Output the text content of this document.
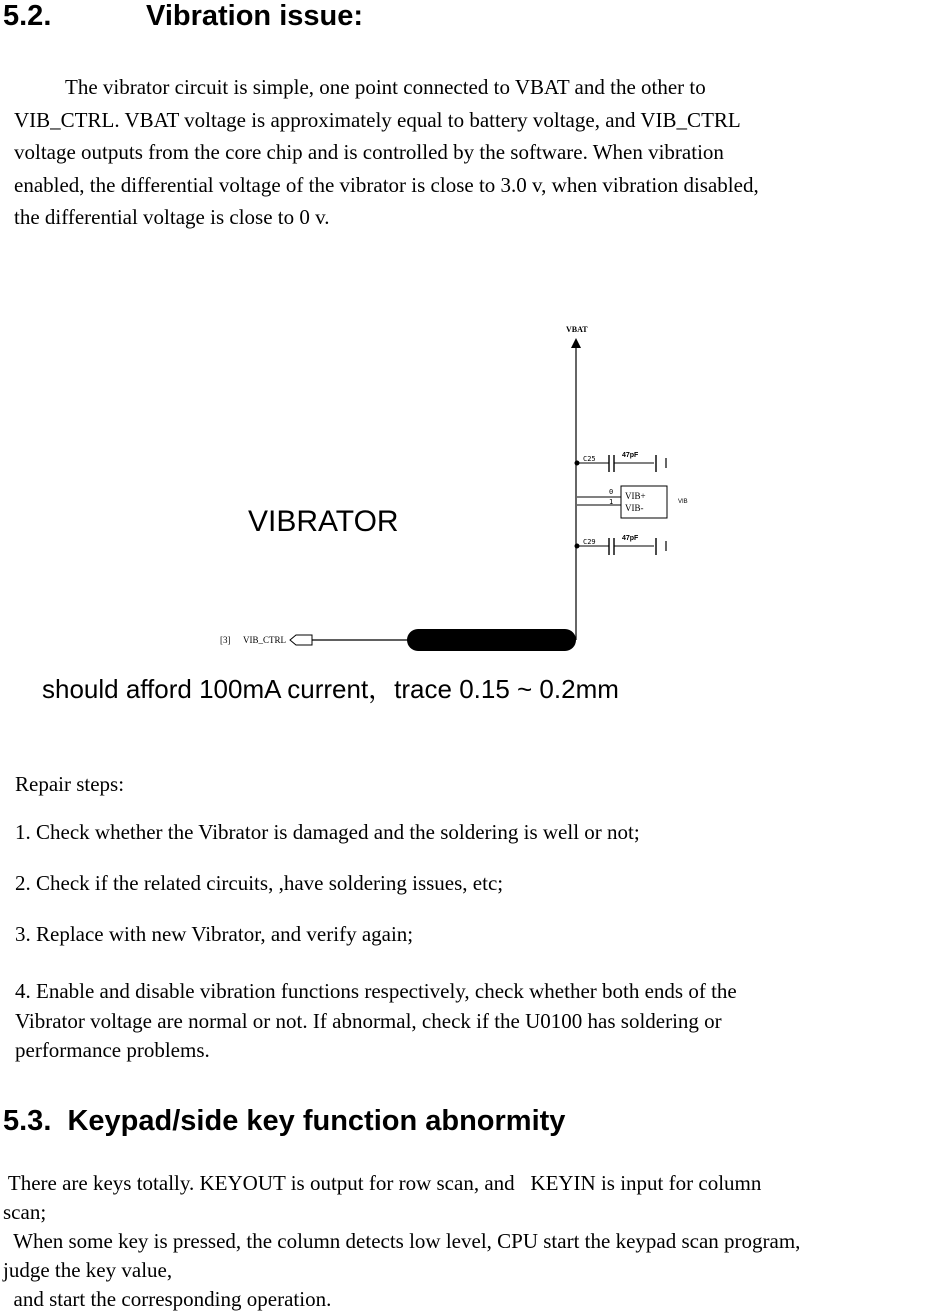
5.2.	Vibration issue:
The vibrator circuit is simple, one point connected to VBAT and the other to
VIB_CTRL. VBAT voltage is approximately equal to battery voltage, and VIB_CTRL
voltage outputs from the core chip and is controlled by the software. When vibration
enabled, the differential voltage of the vibrator is close to 3.0 v, when vibration disabled,
the differential voltage is close to 0 v.
VBAT
C25	47pF
0
1
VIB+
VIB-
VIB
C29	47pF
VIBRATOR
[3] VIB_CTRL
should afford 100mA current，trace 0.15 ~ 0.2mm
Repair steps:
1. Check whether the Vibrator is damaged and the soldering is well or not;
2. Check if the related circuits, ,have soldering issues, etc;
3. Replace with new Vibrator, and verify again;
4. Enable and disable vibration functions respectively, check whether both ends of the
Vibrator voltage are normal or not. If abnormal, check if the U0100 has soldering or
performance problems.
5.3.  Keypad/side key function abnormity
There are keys totally. KEYOUT is output for row scan, and   KEYIN is input for column
scan;
When some key is pressed, the column detects low level, CPU start the keypad scan program,
judge the key value,
and start the corresponding operation.
